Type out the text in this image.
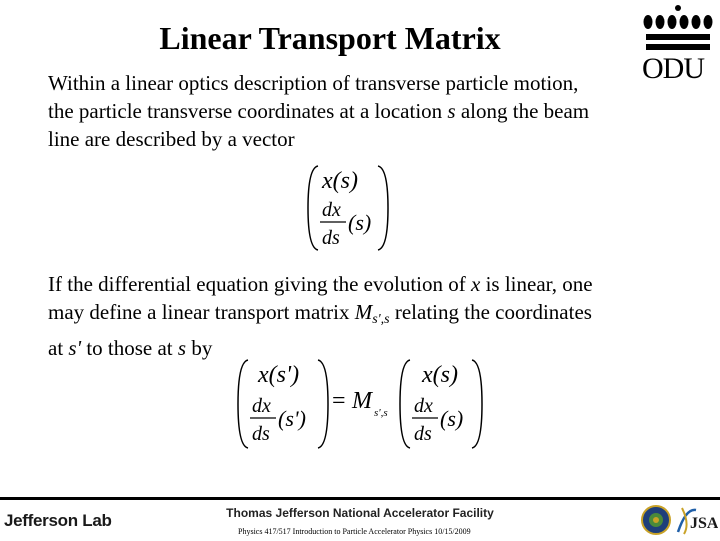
Linear Transport Matrix
ODU
Within a linear optics description of transverse particle motion,
the particle transverse coordinates at a location s along the beam
line are described by a vector
x(s)
dx
ds
(s)
If the differential equation giving the evolution of x is linear, one
may define a linear transport matrix $M_{s',s}$ relating the coordinates
at s' to those at s by
x(s')
dx
ds
(s')
= M s',s
x(s)
dx
ds
(s)
Thomas Jefferson National Accelerator Facility
Physics 417/517 Introduction to Particle Accelerator Physics 10/15/2009
Jefferson Lab	JSA
